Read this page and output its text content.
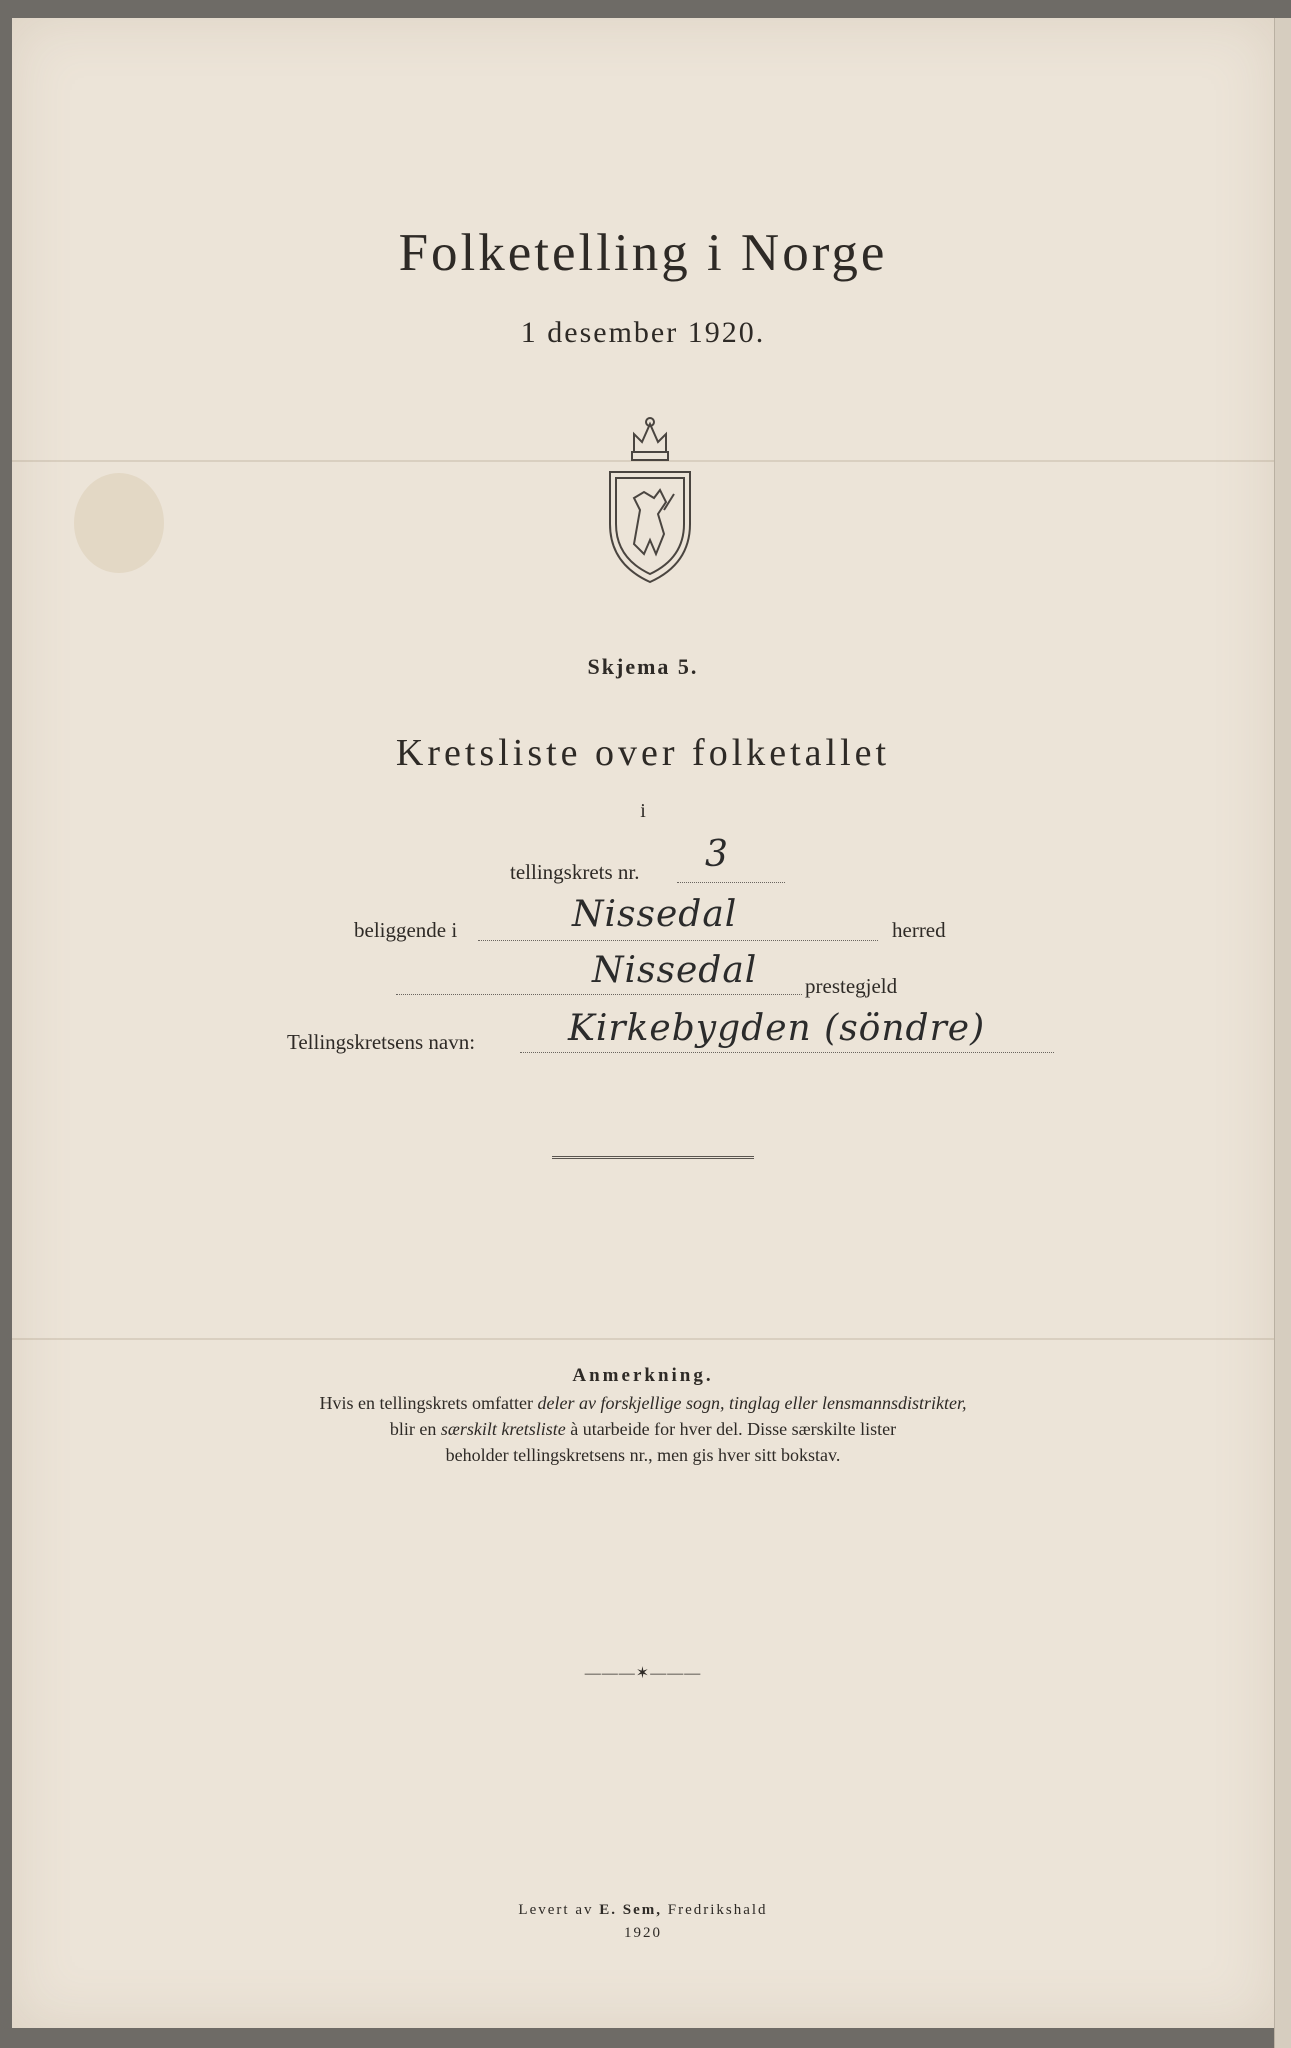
Folketelling i Norge
1 desember 1920.
Skjema 5.
Kretsliste over folketallet
i
tellingskrets nr. 3
beliggende i	Nissedal	herred
Nissedal prestegjeld
Tellingskretsens navn:	Kirkebygden (söndre)
Anmerkning.
Hvis en tellingskrets omfatter deler av forskjellige sogn, tinglag eller lensmannsdistrikter,
blir en særskilt kretsliste à utarbeide for hver del. Disse særskilte lister
beholder tellingskretsens nr., men gis hver sitt bokstav.
———✶———
Levert av E. Sem, Fredrikshald
1920
